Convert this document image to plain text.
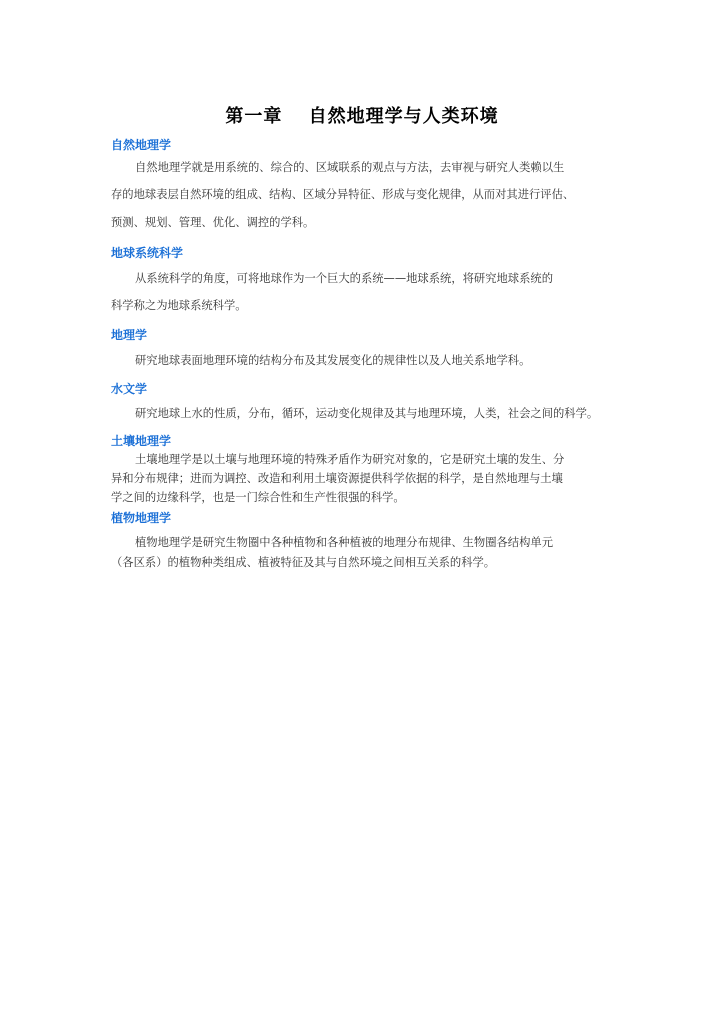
第一章　 自然地理学与人类环境
自然地理学
自然地理学就是用系统的、综合的、区域联系的观点与方法，去审视与研究人类赖以生
存的地球表层自然环境的组成、结构、区域分异特征、形成与变化规律，从而对其进行评估、
预测、规划、管理、优化、调控的学科。
地球系统科学
从系统科学的角度，可将地球作为一个巨大的系统——地球系统，将研究地球系统的
科学称之为地球系统科学。
地理学
研究地球表面地理环境的结构分布及其发展变化的规律性以及人地关系地学科。
水文学
研究地球上水的性质，分布，循环，运动变化规律及其与地理环境，人类，社会之间的科学。
土壤地理学
土壤地理学是以土壤与地理环境的特殊矛盾作为研究对象的，它是研究土壤的发生、分
异和分布规律；进而为调控、改造和利用土壤资源提供科学依据的科学，是自然地理与土壤
学之间的边缘科学，也是一门综合性和生产性很强的科学。
植物地理学
植物地理学是研究生物圈中各种植物和各种植被的地理分布规律、生物圈各结构单元
（各区系）的植物种类组成、植被特征及其与自然环境之间相互关系的科学。
